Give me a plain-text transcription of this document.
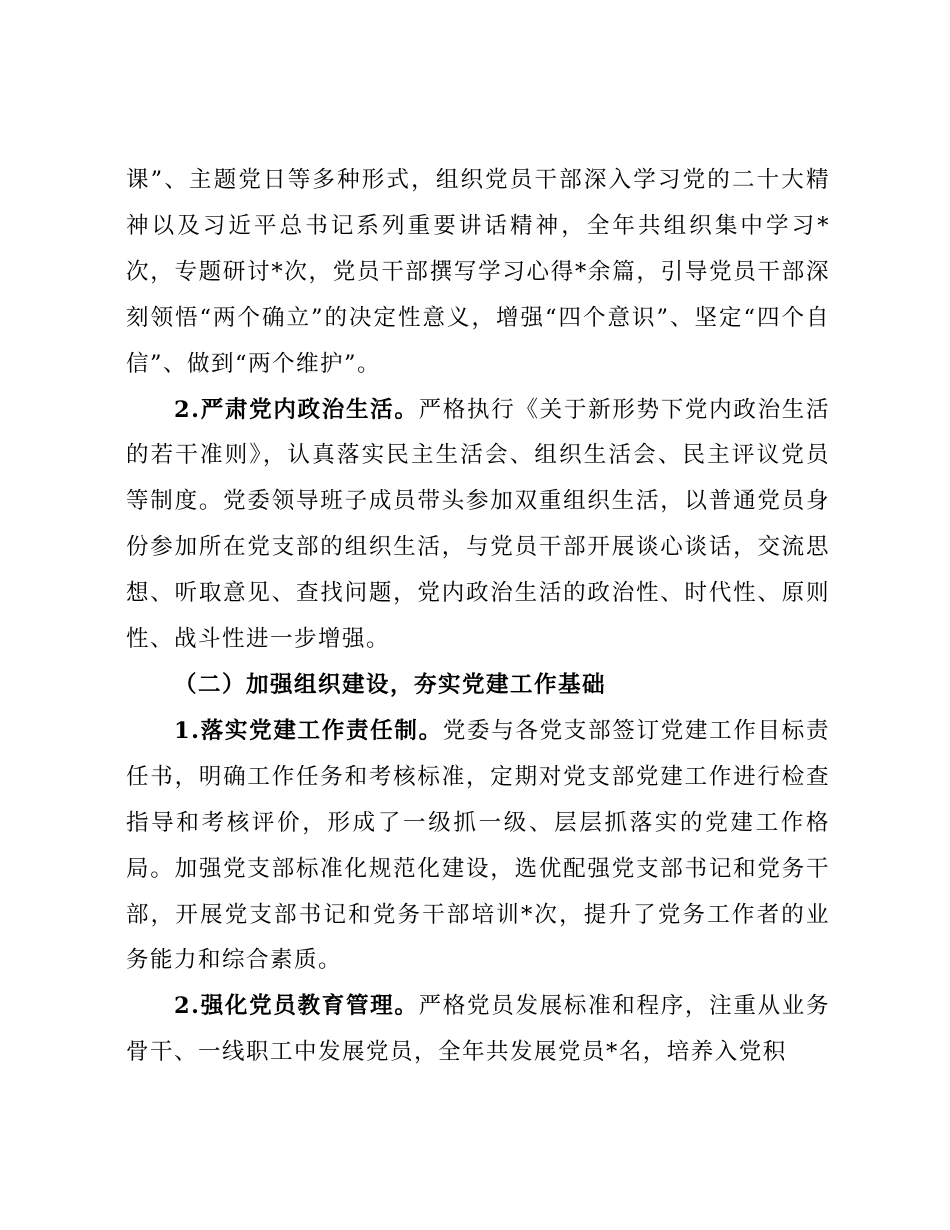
课”、主题党日等多种形式，组织党员干部深入学习党的二十大精神以及习近平总书记系列重要讲话精神，全年共组织集中学习*次，专题研讨*次，党员干部撰写学习心得*余篇，引导党员干部深刻领悟“两个确立”的决定性意义，增强“四个意识”、坚定“四个自信”、做到“两个维护”。

2.严肃党内政治生活。严格执行《关于新形势下党内政治生活的若干准则》，认真落实民主生活会、组织生活会、民主评议党员等制度。党委领导班子成员带头参加双重组织生活，以普通党员身份参加所在党支部的组织生活，与党员干部开展谈心谈话，交流思想、听取意见、查找问题，党内政治生活的政治性、时代性、原则性、战斗性进一步增强。

（二）加强组织建设，夯实党建工作基础

1.落实党建工作责任制。党委与各党支部签订党建工作目标责任书，明确工作任务和考核标准，定期对党支部党建工作进行检查指导和考核评价，形成了一级抓一级、层层抓落实的党建工作格局。加强党支部标准化规范化建设，选优配强党支部书记和党务干部，开展党支部书记和党务干部培训*次，提升了党务工作者的业务能力和综合素质。

2.强化党员教育管理。严格党员发展标准和程序，注重从业务骨干、一线职工中发展党员，全年共发展党员*名，培养入党积
